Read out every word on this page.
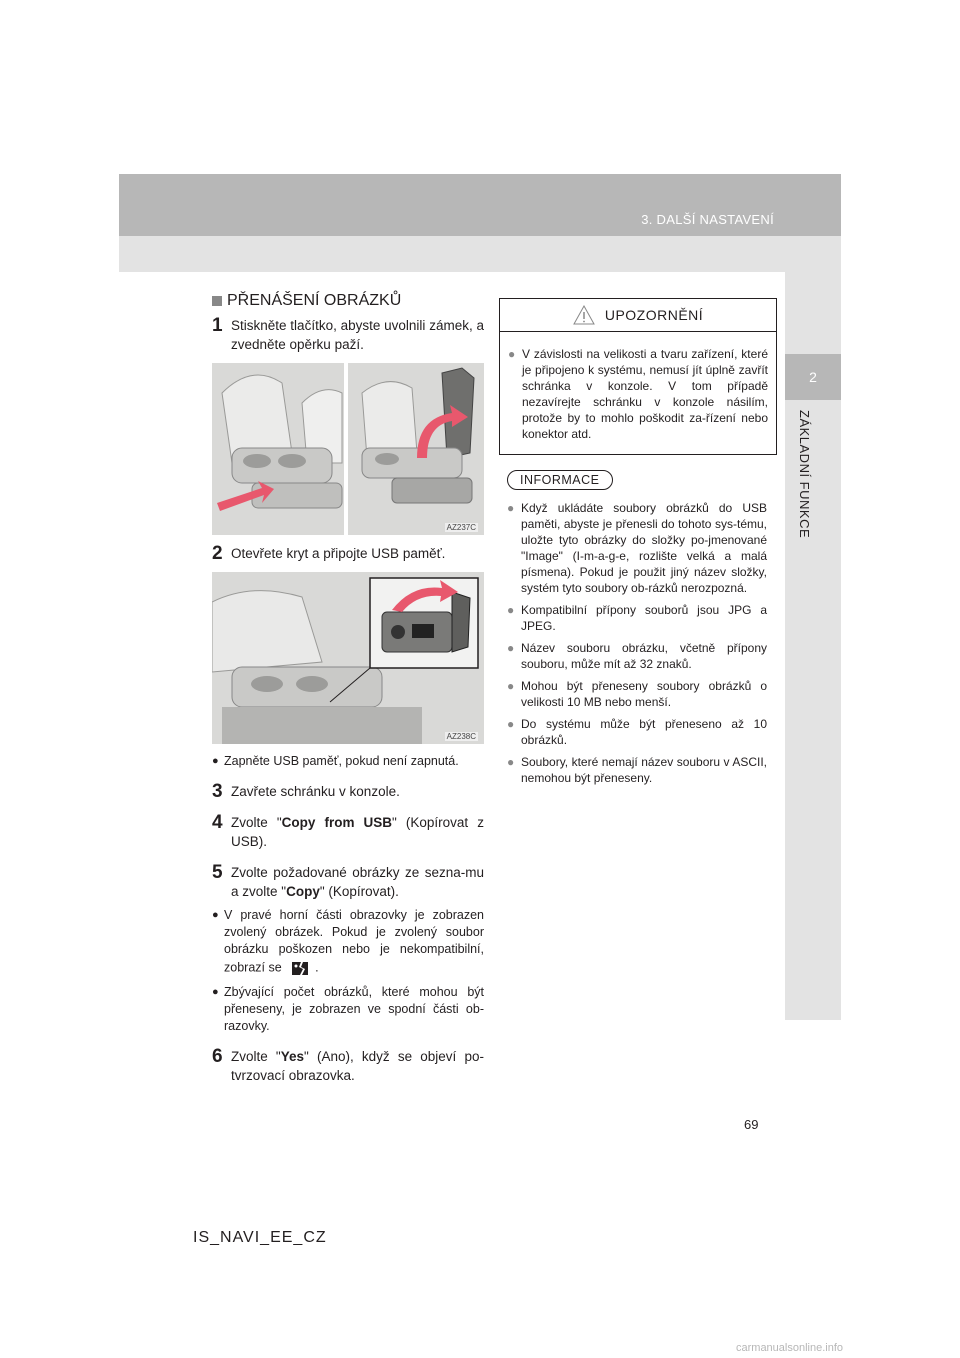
3. DALŠÍ NASTAVENÍ
2
ZÁKLADNÍ FUNKCE
PŘENÁŠENÍ OBRÁZKŮ
1 Stiskněte tlačítko, abyste uvolnili zámek, a zvedněte opěrku paží.
AZ237C
2 Otevřete kryt a připojte USB paměť.
AZ238C
● Zapněte USB paměť, pokud není zapnutá.
3 Zavřete schránku v konzole.
4 Zvolte "Copy from USB" (Kopírovat z USB).
5 Zvolte požadované obrázky ze sezna-mu a zvolte "Copy" (Kopírovat).
● V pravé horní části obrazovky je zobrazen zvolený obrázek. Pokud je zvolený soubor obrázku poškozen nebo je nekompatibilní, zobrazí se	.
● Zbývající počet obrázků, které mohou být přeneseny, je zobrazen ve spodní části ob-razovky.
6 Zvolte "Yes" (Ano), když se objeví po-tvrzovací obrazovka.
UPOZORNĚNÍ
● V závislosti na velikosti a tvaru zařízení, které je připojeno k systému, nemusí jít úplně zavřít schránka v konzole. V tom případě nezavírejte schránku v konzole násilím, protože by to mohlo poškodit za-řízení nebo konektor atd.
INFORMACE
● Když ukládáte soubory obrázků do USB paměti, abyste je přenesli do tohoto sys-tému, uložte tyto obrázky do složky po-jmenované "Image" (I-m-a-g-e, rozlište velká a malá písmena). Pokud je použit jiný název složky, systém tyto soubory ob-rázků nerozpozná.
● Kompatibilní přípony souborů jsou JPG a JPEG.
● Název souboru obrázku, včetně přípony souboru, může mít až 32 znaků.
● Mohou být přeneseny soubory obrázků o velikosti 10 MB nebo menší.
● Do systému může být přeneseno až 10 obrázků.
● Soubory, které nemají název souboru v ASCII, nemohou být přeneseny.
69
IS_NAVI_EE_CZ
carmanualsonline.info
